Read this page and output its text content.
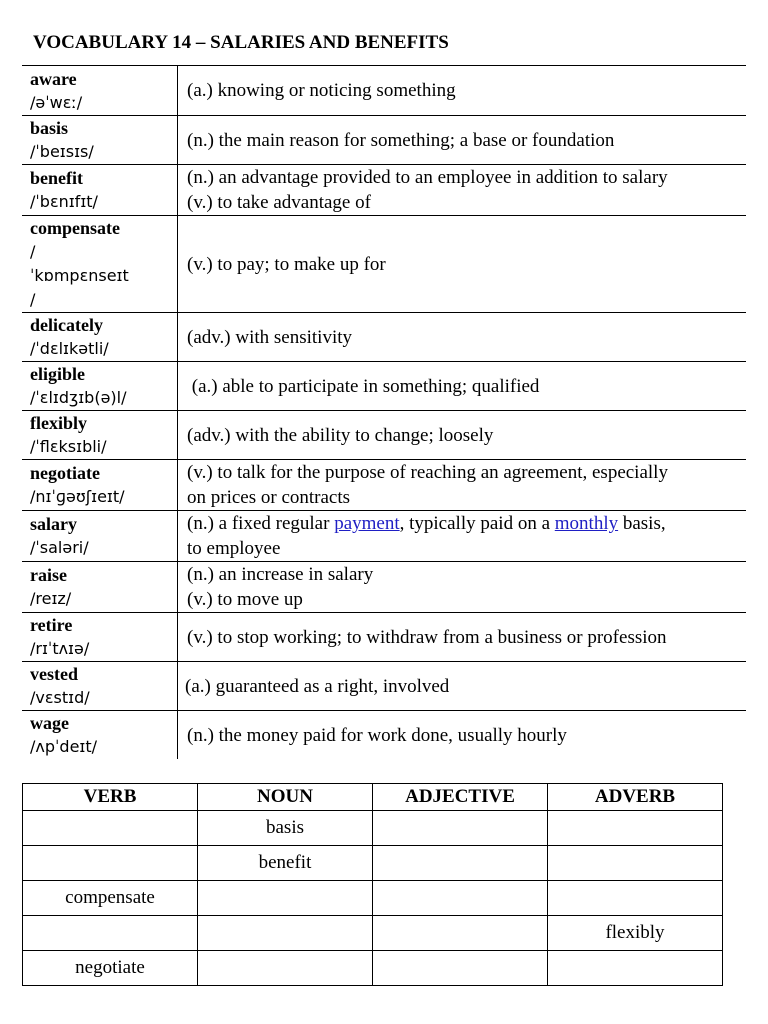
VOCABULARY 14 – SALARIES AND BENEFITS
aware
/əˈwɛː/	(a.) knowing or noticing something

basis
/ˈbeɪsɪs/	(n.) the main reason for something; a base or foundation

benefit
/ˈbɛnɪfɪt/	(n.) an advantage provided to an employee in addition to salary
(v.) to take advantage of

compensate
/
ˈkɒmpɛnseɪt
/	(v.) to pay; to make up for

delicately
/ˈdɛlɪkətli/	(adv.) with sensitivity

eligible
/ˈɛlɪdʒɪb(ə)l/	(a.) able to participate in something; qualified

flexibly
/ˈflɛksɪbli/	(adv.) with the ability to change; loosely

negotiate
/nɪˈɡəʊʃɪeɪt/	(v.) to talk for the purpose of reaching an agreement, especially
on prices or contracts

salary
/ˈsaləri/	(n.) a fixed regular payment, typically paid on a monthly basis,
to employee

raise
/reɪz/	(n.) an increase in salary
(v.) to move up

retire
/rɪˈtʌɪə/	(v.) to stop working; to withdraw from a business or profession

vested
/vɛstɪd/	(a.) guaranteed as a right, involved

wage
/ʌpˈdeɪt/	(n.) the money paid for work done, usually hourly
VERB	NOUN	ADJECTIVE	ADVERB
	basis		
	benefit		
compensate			
			flexibly
negotiate			
